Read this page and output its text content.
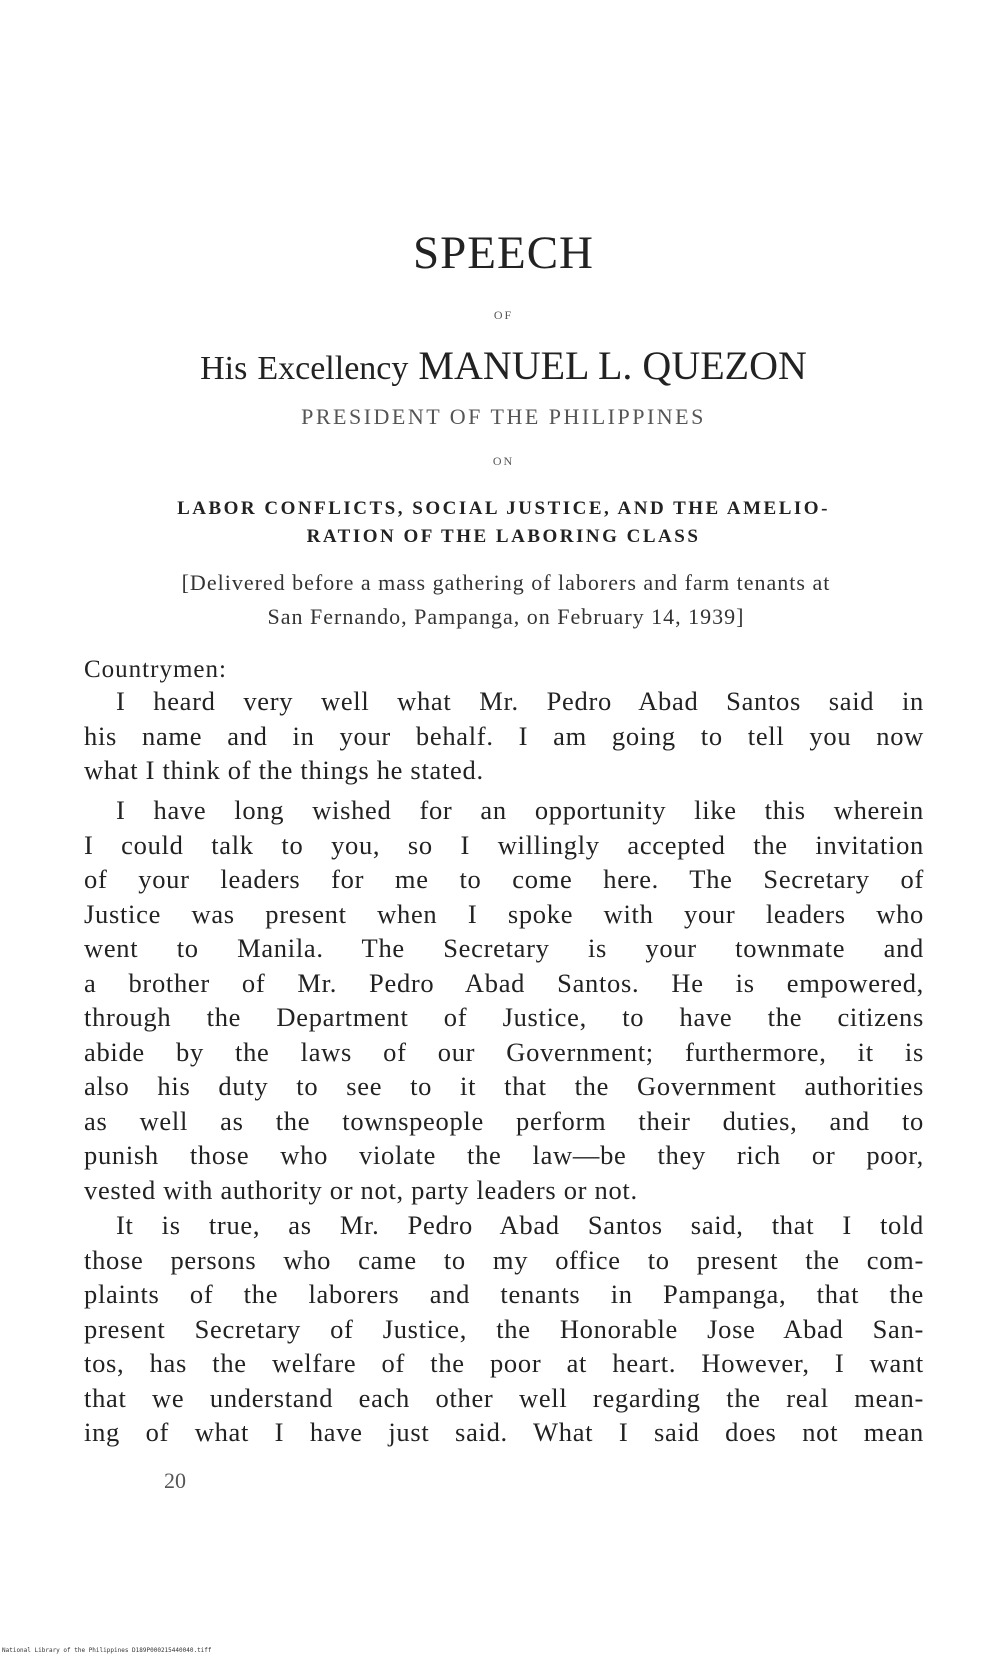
SPEECH
OF
His Excellency MANUEL L. QUEZON
PRESIDENT OF THE PHILIPPINES
ON
LABOR CONFLICTS, SOCIAL JUSTICE, AND THE AMELIO-
RATION OF THE LABORING CLASS
[Delivered before a mass gathering of laborers and farm tenants at
San Fernando, Pampanga, on February 14, 1939]
Countrymen:
I heard very well what Mr. Pedro Abad Santos said in
his name and in your behalf. I am going to tell you now
what I think of the things he stated.
I have long wished for an opportunity like this wherein
I could talk to you, so I willingly accepted the invitation
of your leaders for me to come here. The Secretary of
Justice was present when I spoke with your leaders who
went to Manila. The Secretary is your townmate and
a brother of Mr. Pedro Abad Santos. He is empowered,
through the Department of Justice, to have the citizens
abide by the laws of our Government; furthermore, it is
also his duty to see to it that the Government authorities
as well as the townspeople perform their duties, and to
punish those who violate the law—be they rich or poor,
vested with authority or not, party leaders or not.
It is true, as Mr. Pedro Abad Santos said, that I told
those persons who came to my office to present the com-
plaints of the laborers and tenants in Pampanga, that the
present Secretary of Justice, the Honorable Jose Abad San-
tos, has the welfare of the poor at heart. However, I want
that we understand each other well regarding the real mean-
ing of what I have just said. What I said does not mean
20
National Library of the Philippines D189P000215440040.tiff
